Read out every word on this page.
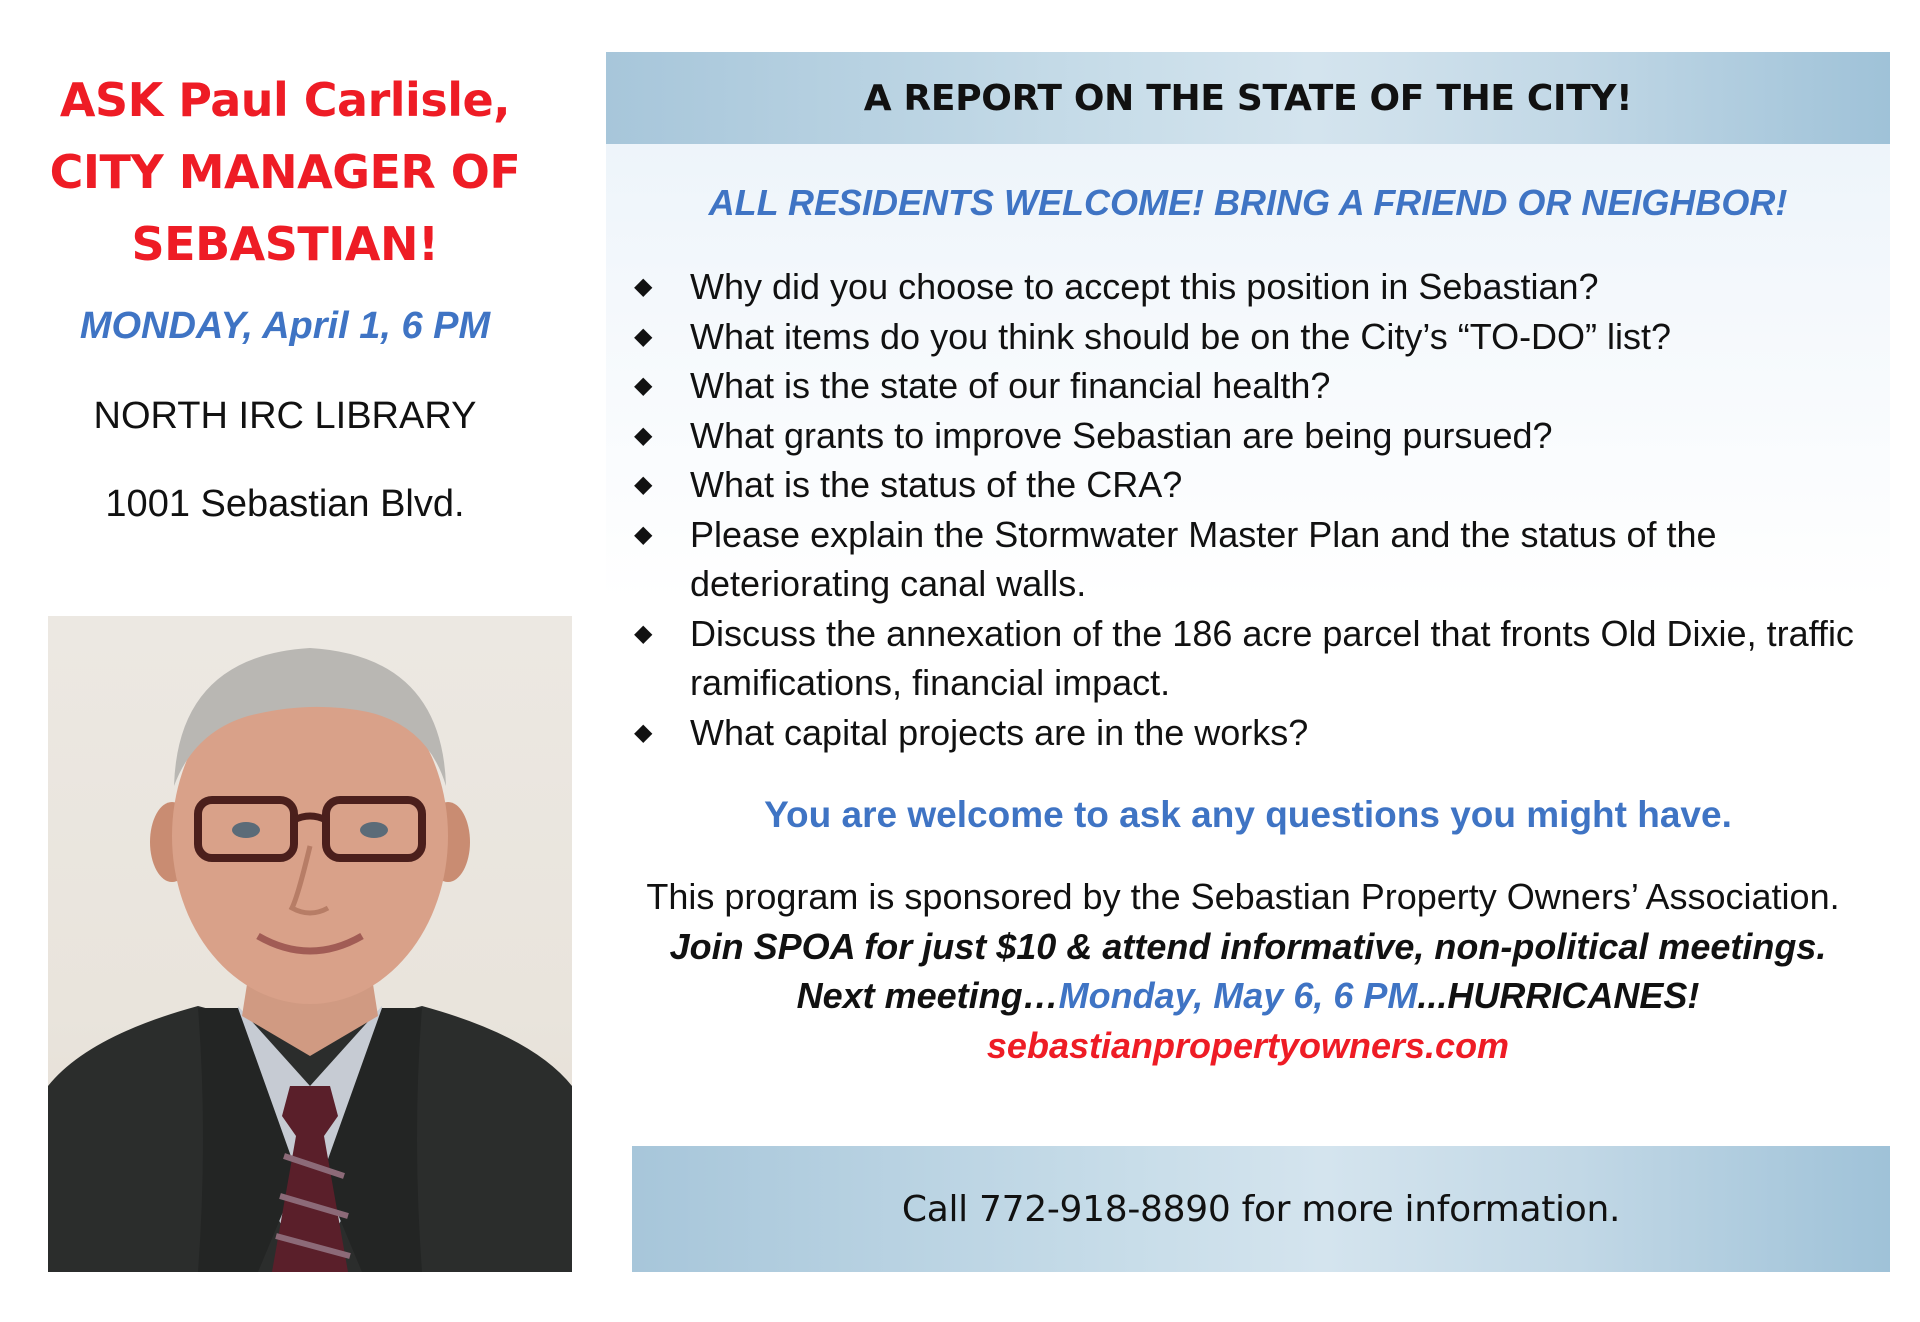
ASK Paul Carlisle,
CITY MANAGER OF
SEBASTIAN!
MONDAY, April 1, 6 PM
NORTH IRC LIBRARY
1001 Sebastian Blvd.
A REPORT ON THE STATE OF THE CITY!
ALL RESIDENTS WELCOME! BRING A FRIEND OR NEIGHBOR!
◆ Why did you choose to accept this position in Sebastian?
◆ What items do you think should be on the City’s “TO-DO” list?
◆ What is the state of our financial health?
◆ What grants to improve Sebastian are being pursued?
◆ What is the status of the CRA?
◆ Please explain the Stormwater Master Plan and the status of the deteriorating canal walls.
◆ Discuss the annexation of the 186 acre parcel that fronts Old Dixie, traffic ramifications, financial impact.
◆ What capital projects are in the works?
You are welcome to ask any questions you might have.
This program is sponsored by the Sebastian Property Owners’ Association.  Join SPOA for just $10 & attend informative, non-political meetings.
Next meeting…Monday, May 6, 6 PM...HURRICANES!
sebastianpropertyowners.com
Call 772-918-8890 for more information.
